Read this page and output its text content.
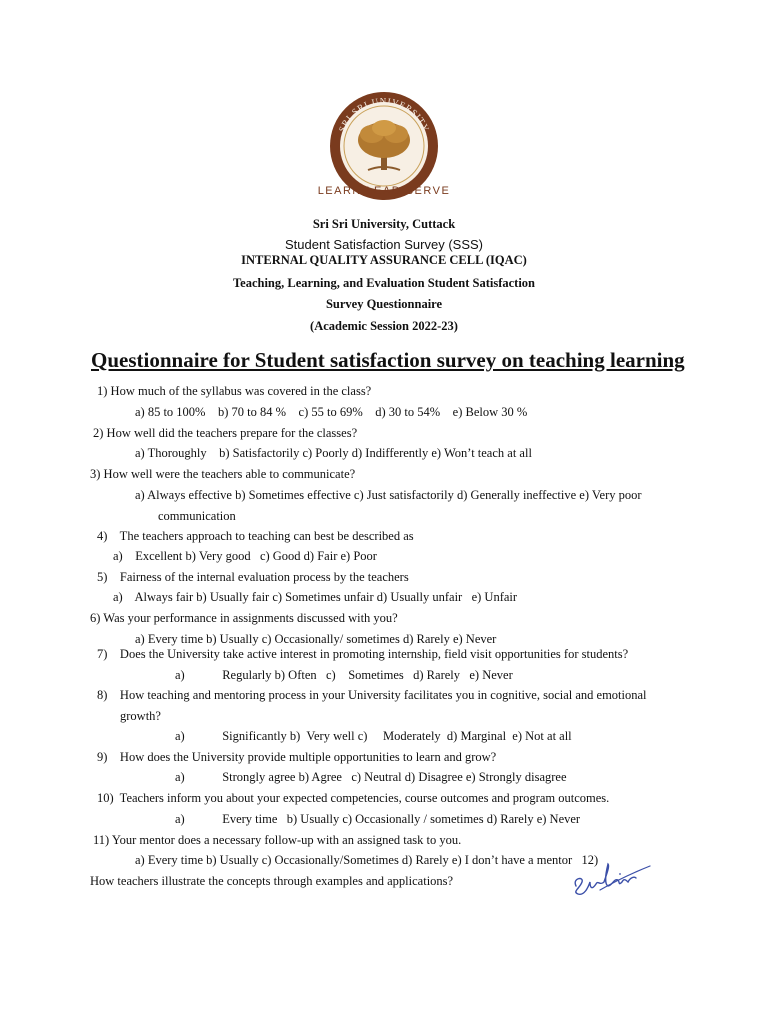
SRI SRI UNIVERSITY
LEARN LEAD SERVE
Sri Sri University, Cuttack
Student Satisfaction Survey (SSS)
INTERNAL QUALITY ASSURANCE CELL (IQAC)
Teaching, Learning, and Evaluation Student Satisfaction
Survey Questionnaire
(Academic Session 2022-23)
Questionnaire for Student satisfaction survey on teaching learning
1) How much of the syllabus was covered in the class?
a) 85 to 100%    b) 70 to 84 %    c) 55 to 69%    d) 30 to 54%    e) Below 30 %
2) How well did the teachers prepare for the classes?
a) Thoroughly    b) Satisfactorily c) Poorly d) Indifferently e) Won’t teach at all
3) How well were the teachers able to communicate?
a) Always effective b) Sometimes effective c) Just satisfactorily d) Generally ineffective e) Very poor
communication
4)    The teachers approach to teaching can best be described as
a)    Excellent b) Very good   c) Good d) Fair e) Poor
5)    Fairness of the internal evaluation process by the teachers
a)    Always fair b) Usually fair c) Sometimes unfair d) Usually unfair   e) Unfair
6) Was your performance in assignments discussed with you?
a) Every time b) Usually c) Occasionally/ sometimes d) Rarely e) Never
7)    Does the University take active interest in promoting internship, field visit opportunities for students?
a)            Regularly b) Often   c)    Sometimes   d) Rarely   e) Never
8)    How teaching and mentoring process in your University facilitates you in cognitive, social and emotional
growth?
a)            Significantly b)  Very well c)     Moderately  d) Marginal  e) Not at all
9)    How does the University provide multiple opportunities to learn and grow?
a)            Strongly agree b) Agree   c) Neutral d) Disagree e) Strongly disagree
10)  Teachers inform you about your expected competencies, course outcomes and program outcomes.
a)            Every time   b) Usually c) Occasionally / sometimes d) Rarely e) Never
11) Your mentor does a necessary follow-up with an assigned task to you.
a) Every time b) Usually c) Occasionally/Sometimes d) Rarely e) I don’t have a mentor   12)
How teachers illustrate the concepts through examples and applications?
